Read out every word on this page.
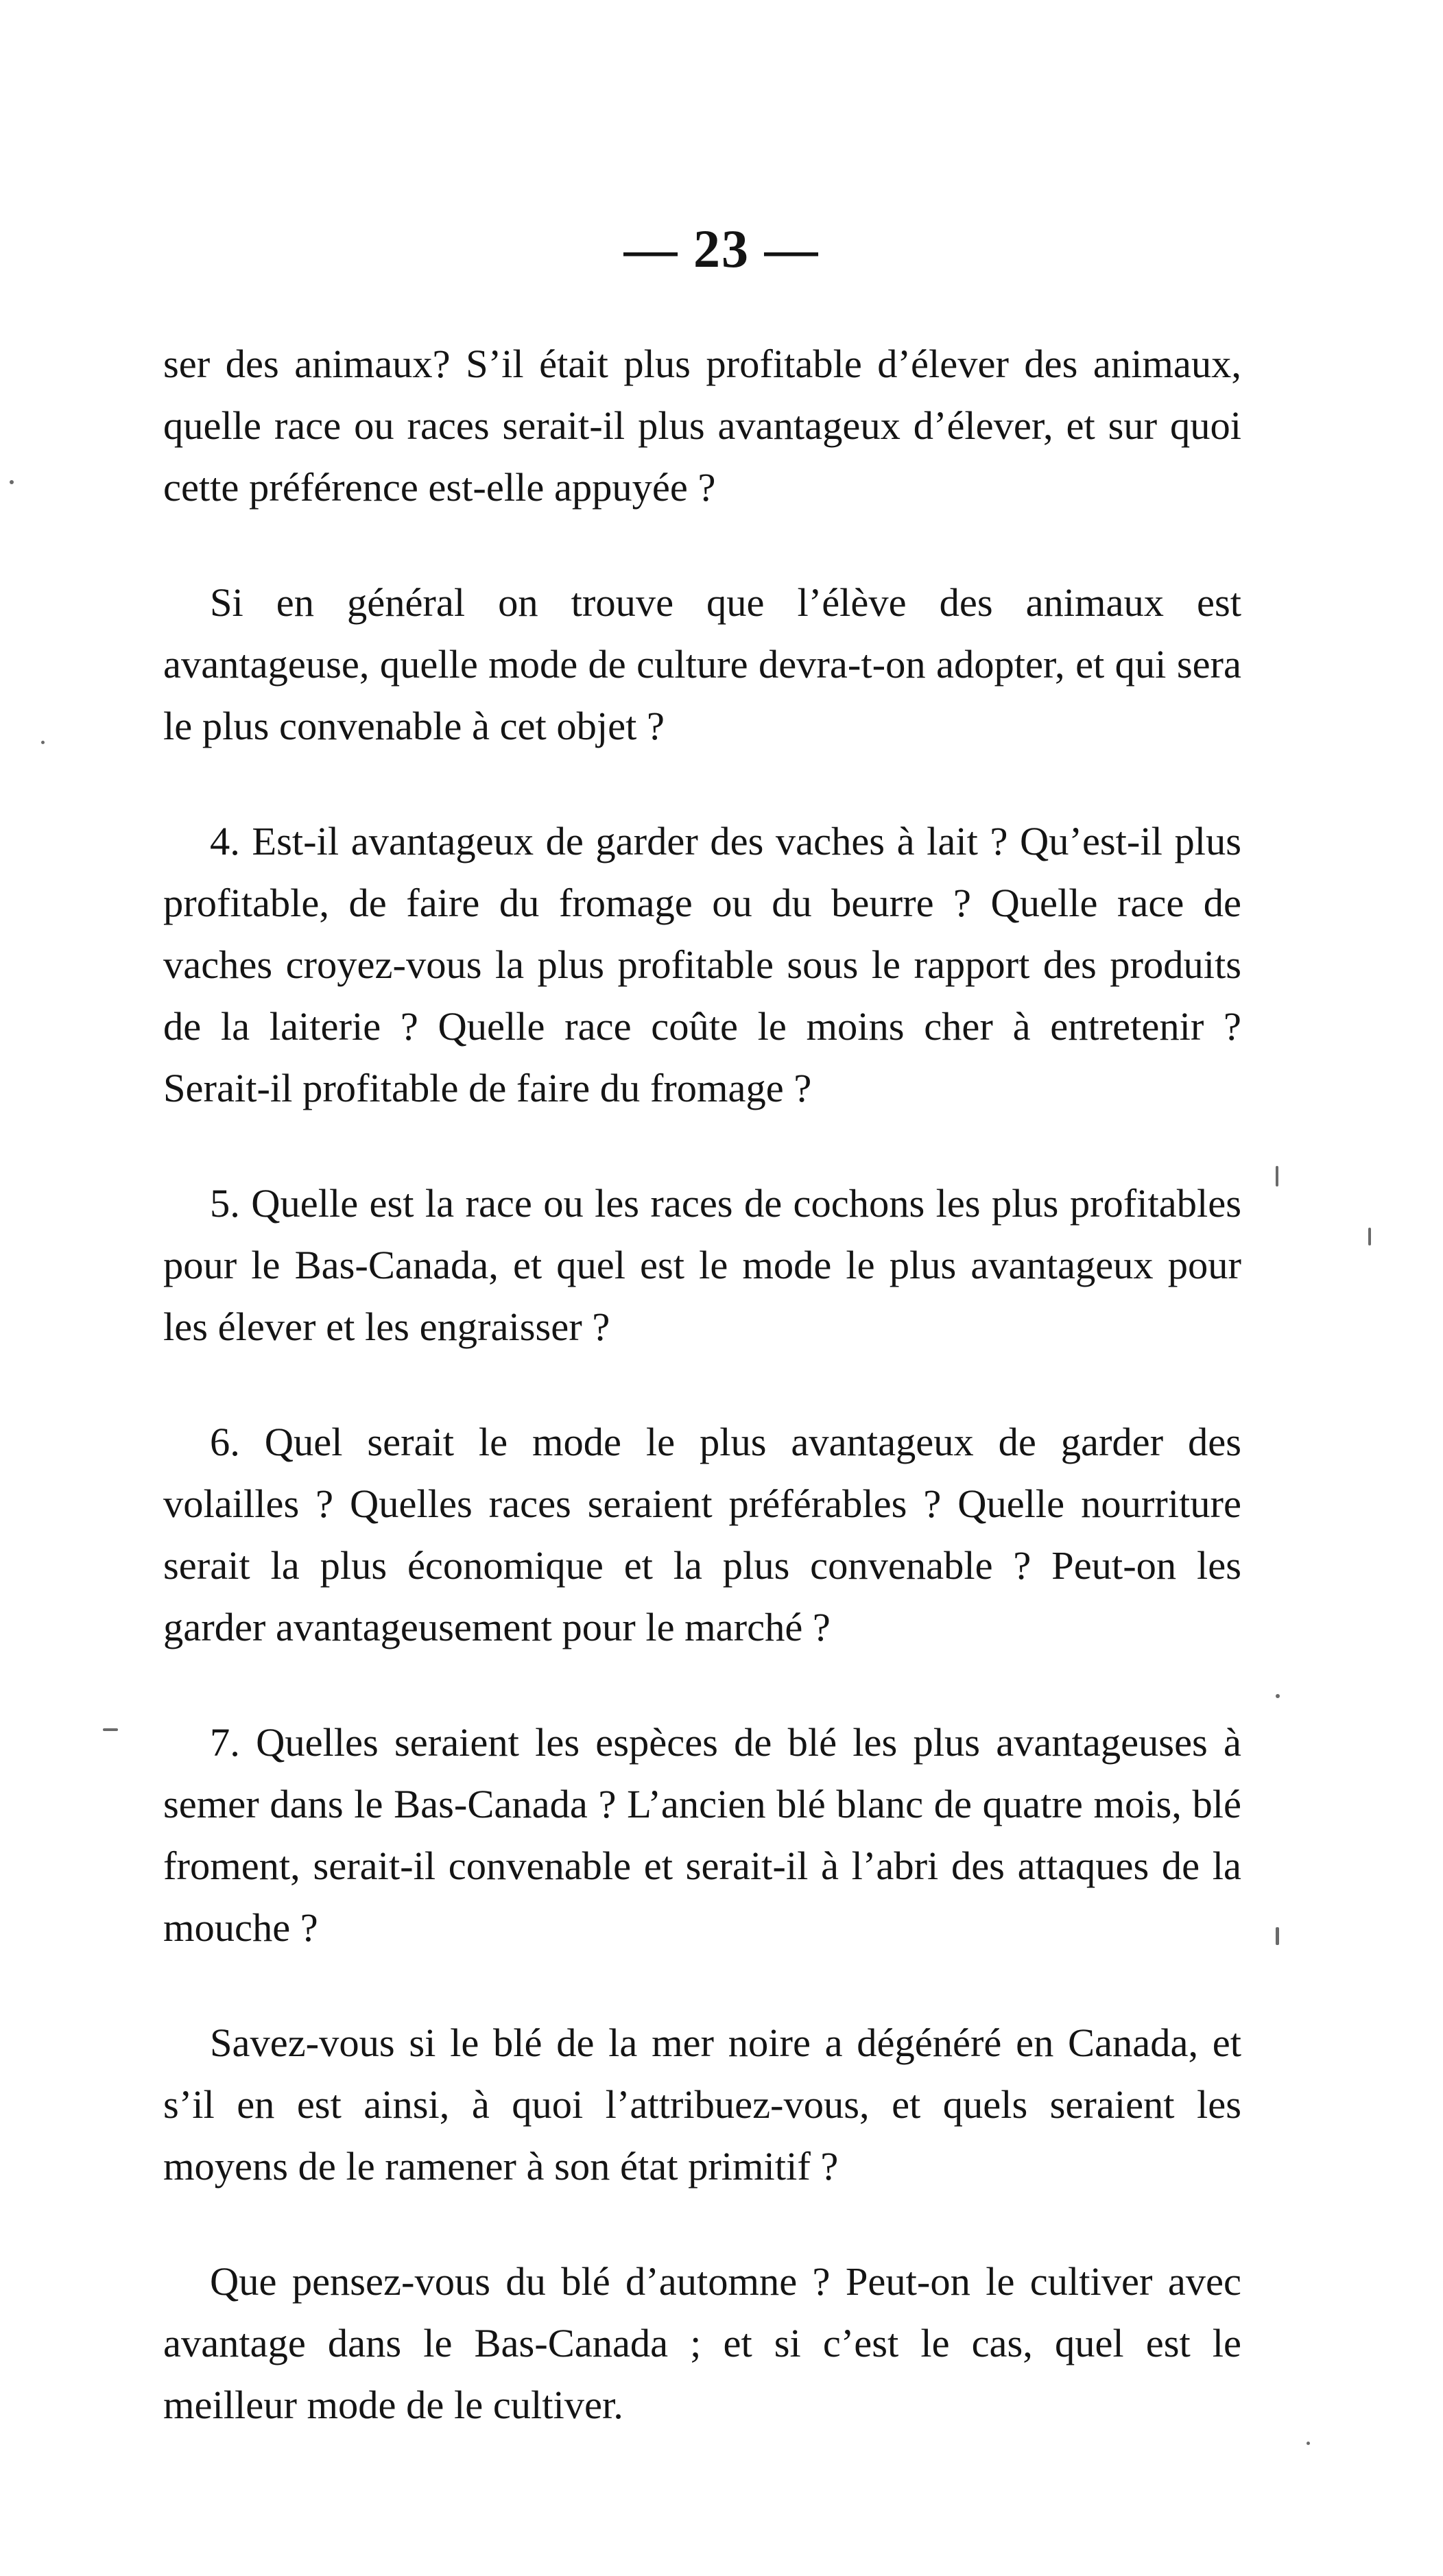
— 23 —

ser des animaux? S’il était plus profitable d’élever des animaux, quelle race ou races serait-il plus avantageux d’élever, et sur quoi cette préférence est-elle appuyée ?

Si en général on trouve que l’élève des animaux est avantageuse, quelle mode de culture devra-t-on adopter, et qui sera le plus convenable à cet objet ?

4. Est-il avantageux de garder des vaches à lait ? Qu’est-il plus profitable, de faire du fromage ou du beurre ? Quelle race de vaches croyez-vous la plus profitable sous le rapport des produits de la laiterie ? Quelle race coûte le moins cher à entretenir ? Serait-il profitable de faire du fromage ?

5. Quelle est la race ou les races de cochons les plus profitables pour le Bas-Canada, et quel est le mode le plus avantageux pour les élever et les engraisser ?

6. Quel serait le mode le plus avantageux de garder des volailles ? Quelles races seraient préférables ? Quelle nourriture serait la plus économique et la plus convenable ? Peut-on les garder avantageusement pour le marché ?

7. Quelles seraient les espèces de blé les plus avantageuses à semer dans le Bas-Canada ? L’ancien blé blanc de quatre mois, blé froment, serait-il convenable et serait-il à l’abri des attaques de la mouche ?

Savez-vous si le blé de la mer noire a dégénéré en Canada, et s’il en est ainsi, à quoi l’attribuez-vous, et quels seraient les moyens de le ramener à son état primitif ?

Que pensez-vous du blé d’automne ? Peut-on le cultiver avec avantage dans le Bas-Canada ; et si c’est le cas, quel est le meilleur mode de le cultiver.
